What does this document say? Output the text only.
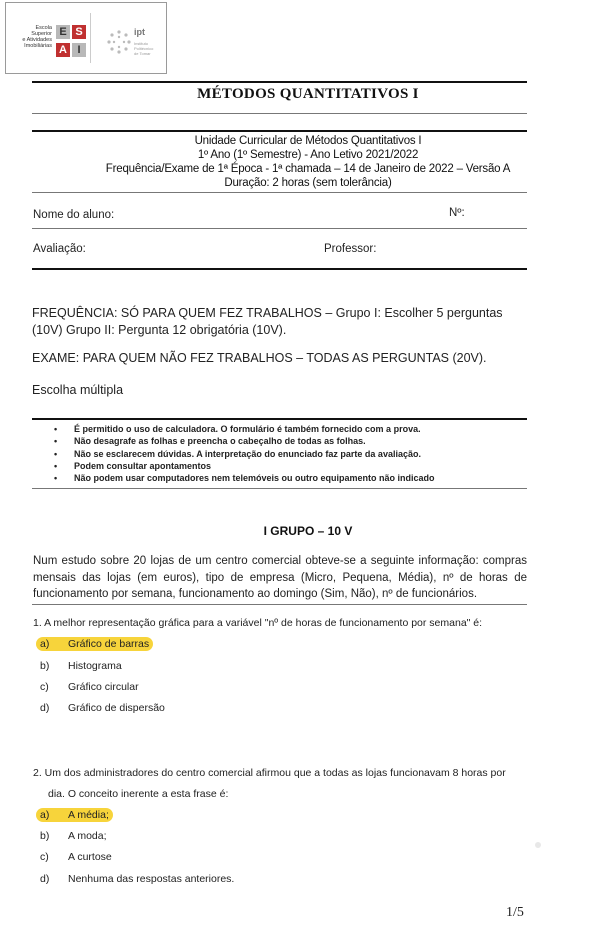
Escola
Superior
e Atividades
Imobiliárias
E S
A I
ipt
Instituto
Politécnico
de Tomar
MÉTODOS QUANTITATIVOS I
Unidade Curricular de Métodos Quantitativos I
1º Ano (1º Semestre) - Ano Letivo 2021/2022
Frequência/Exame de 1ª Época - 1ª chamada – 14 de Janeiro de 2022 – Versão A
Duração: 2 horas (sem tolerância)
Nome do aluno:	Nº:
Avaliação:	Professor:
FREQUÊNCIA: SÓ PARA QUEM FEZ TRABALHOS – Grupo I: Escolher 5 perguntas (10V) Grupo II: Pergunta 12 obrigatória (10V).
EXAME: PARA QUEM NÃO FEZ TRABALHOS – TODAS AS PERGUNTAS (20V).
Escolha múltipla
• É permitido o uso de calculadora. O formulário é também fornecido com a prova.
• Não desagrafe as folhas e preencha o cabeçalho de todas as folhas.
• Não se esclarecem dúvidas. A interpretação do enunciado faz parte da avaliação.
• Podem consultar apontamentos
• Não podem usar computadores nem telemóveis ou outro equipamento não indicado
I GRUPO – 10 V
Num estudo sobre 20 lojas de um centro comercial obteve-se a seguinte informação: compras mensais das lojas (em euros), tipo de empresa (Micro, Pequena, Média), nº de horas de funcionamento por semana, funcionamento ao domingo (Sim, Não), nº de funcionários.
1. A melhor representação gráfica para a variável "nº de horas de funcionamento por semana" é:
a) Gráfico de barras
b) Histograma
c) Gráfico circular
d) Gráfico de dispersão
2. Um dos administradores do centro comercial afirmou que a todas as lojas funcionavam 8 horas por
dia. O conceito inerente a esta frase é:
a) A média;
b) A moda;
c) A curtose
d) Nenhuma das respostas anteriores.
1/5
